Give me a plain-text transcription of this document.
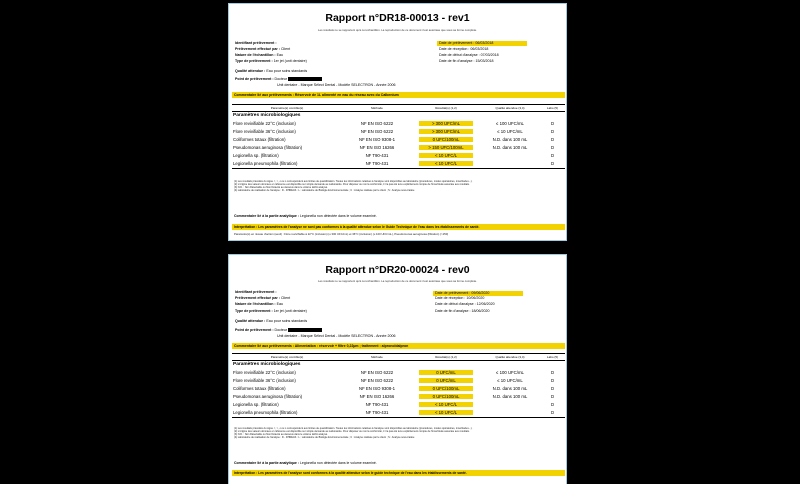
Rapport n°DR18-00013 - rev1
Les résultats ne se rapportent qu'à cet échantillon. La reproduction de ce document n'est autorisée que sous sa forme complète.
Identifiant prélèvement :
Prélèvement effectué par : Client
Nature de l'échantillon : Eau
Type de prélèvement : 1er jet (unit dentaire)
Date de prélèvement : 06/03/2018
Date de réception : 06/03/2018
Date de début d'analyse : 07/03/2018
Date de fin d'analyse : 15/03/2018
Qualité attendue : Eau pour soins standards
Point de prélèvement : Docteur
Unit dentaire - Marque Sélect Dental - Modèle SELECTRON - Année 2006
Commentaire lié aux prélèvements : Réservoir de 1L alimenté en eau du réseau avec du Calbenium
Paramètre(s) contrôlé(s)	Méthode	Résultat(s) (1,2)	Qualité attendue (3,4)	Labo (5)
Paramètres microbiologiques				
Flore revivifiable 22°C (inclusion)	NF EN ISO 6222	> 300 UFC/mL	≤ 100 UFC/mL	D
Flore revivifiable 36°C (inclusion)	NF EN ISO 6222	> 300 UFC/mL	≤ 10 UFC/mL	D
Coliformes totaux (filtration)	NF EN ISO 9308-1	0 UFC/100mL	N.D. dans 100 mL	D
Pseudomonas aeruginosa (filtration)	NF EN ISO 16266	> 150 UFC/100mL	N.D. dans 100 mL	D
Legionella sp. (filtration)	NF T90-431	< 10 UFC/L		D
Legionella pneumophila (filtration)	NF T90-431	< 10 UFC/L		D
(1) Les résultats précédés du signe <, >, ≤ ou ≥ correspondent aux limites de quantification. Toutes les informations relatives à l'analyse sont disponibles au laboratoire (procédures, modes opératoires, incertitudes...).
(2) L'origine des valeurs données en référence est disponible sur simple demande au Laboratoire. Pour disposer ou non la conformité, il n'a pas été tenu explicitement compte de l'incertitude associée aux résultats.
(3) N.D. : Non Détectable ou Non Détecté au dessous dans le volume défini analysé.
(4) Laboratoire de réalisation de l'analyse : D - DHREAS : L : Laboratoire de Biologie Environnementale ; C : Analyse réalisée par le client ; S : Analyse sous-traitée
Commentaire lié à la partie analytique : Legionella non détectée dans le volume examiné.
Interprétation : Les paramètres de l'analyse ne sont pas conformes à la qualité attendue selon le Guide Technique de l'eau dans les établissements de santé.
Paramètre(s) en niveau d'action (seuil) : Flore revivifiable à 22°C (inclusion) (≥ 300 UFC/mL) et 36°C (inclusion) (≥ 100 UFC/mL), Pseudomonas aeruginosa (filtration) (>150)
Rapport n°DR20-00024 - rev0
Les résultats ne se rapportent qu'à cet échantillon. La reproduction de ce document n'est autorisée que sous sa forme complète.
Identifiant prélèvement :
Prélèvement effectué par : Client
Nature de l'échantillon : Eau
Type de prélèvement : 1er jet (unit dentaire)
Date de prélèvement : 09/06/2020
Date de réception : 10/06/2020
Date de début d'analyse : 12/06/2020
Date de fin d'analyse : 18/06/2020
Qualité attendue : Eau pour soins standards
Point de prélèvement : Docteur
Unit dentaire - Marque Sélect Dental - Modèle SELECTRON - Année 2006
Commentaire lié aux prélèvements : Alimentation : réservoir + filtre 0,22µm ; traitement : alpronoldalpron
Paramètre(s) contrôlé(s)	Méthode	Résultat(s) (1,2)	Qualité attendue (3,4)	Labo (5)
Paramètres microbiologiques				
Flore revivifiable 22°C (inclusion)	NF EN ISO 6222	0 UFC/mL	≤ 100 UFC/mL	D
Flore revivifiable 36°C (inclusion)	NF EN ISO 6222	0 UFC/mL	≤ 10 UFC/mL	D
Coliformes totaux (filtration)	NF EN ISO 9308-1	0 UFC/100mL	N.D. dans 100 mL	D
Pseudomonas aeruginosa (filtration)	NF EN ISO 16266	0 UFC/100mL	N.D. dans 100 mL	D
Legionella sp. (filtration)	NF T90-431	< 10 UFC/L		D
Legionella pneumophila (filtration)	NF T90-431	< 10 UFC/L		D
(1) Les résultats précédés du signe <, >, ≤ ou ≥ correspondent aux limites de quantification. Toutes les informations relatives à l'analyse sont disponibles au laboratoire (procédures, modes opératoires, incertitudes...).
(2) L'origine des valeurs données en référence est disponible sur simple demande au Laboratoire. Pour disposer ou non la conformité, il n'a pas été tenu explicitement compte de l'incertitude associée aux résultats.
(3) N.D. : Non Détectable ou Non Détecté au dessous dans le volume défini analysé.
(4) Laboratoire de réalisation de l'analyse : D - DHREAS : L : Laboratoire de Biologie Environnementale ; C : Analyse réalisée par le client ; S : Analyse sous-traitée
Commentaire lié à la partie analytique : Legionella non détectée dans le volume examiné.
Interprétation : Les paramètres de l'analyse sont conformes à la qualité attendue selon le guide technique de l'eau dans les établissements de santé.
